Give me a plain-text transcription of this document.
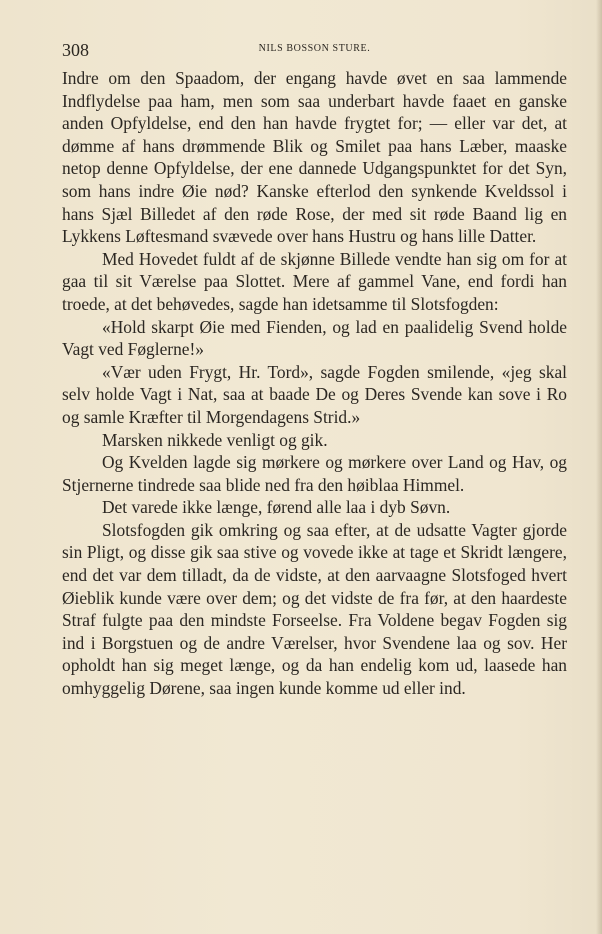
308	NILS BOSSON STURE.

Indre om den Spaadom, der engang havde øvet en saa lammende Indflydelse paa ham, men som saa underbart havde faaet en ganske anden Opfyldelse, end den han havde frygtet for; — eller var det, at dømme af hans drømmende Blik og Smilet paa hans Læber, maaske netop denne Opfyldelse, der ene dannede Udgangspunktet for det Syn, som hans indre Øie nød? Kanske efterlod den synkende Kveldssol i hans Sjæl Billedet af den røde Rose, der med sit røde Baand lig en Lykkens Løftesmand svævede over hans Hustru og hans lille Datter.

Med Hovedet fuldt af de skjønne Billede vendte han sig om for at gaa til sit Værelse paa Slottet. Mere af gammel Vane, end fordi han troede, at det behøvedes, sagde han idetsamme til Slotsfogden:

«Hold skarpt Øie med Fienden, og lad en paalidelig Svend holde Vagt ved Føglerne!»

«Vær uden Frygt, Hr. Tord», sagde Fogden smilende, «jeg skal selv holde Vagt i Nat, saa at baade De og Deres Svende kan sove i Ro og samle Kræfter til Morgendagens Strid.»

Marsken nikkede venligt og gik.

Og Kvelden lagde sig mørkere og mørkere over Land og Hav, og Stjernerne tindrede saa blide ned fra den høiblaa Himmel.

Det varede ikke længe, førend alle laa i dyb Søvn.

Slotsfogden gik omkring og saa efter, at de udsatte Vagter gjorde sin Pligt, og disse gik saa stive og vovede ikke at tage et Skridt længere, end det var dem tilladt, da de vidste, at den aarvaagne Slotsfoged hvert Øieblik kunde være over dem; og det vidste de fra før, at den haardeste Straf fulgte paa den mindste Forseelse. Fra Voldene begav Fogden sig ind i Borgstuen og de andre Værelser, hvor Svendene laa og sov. Her opholdt han sig meget længe, og da han endelig kom ud, laasede han omhyggelig Dørene, saa ingen kunde komme ud eller ind.
